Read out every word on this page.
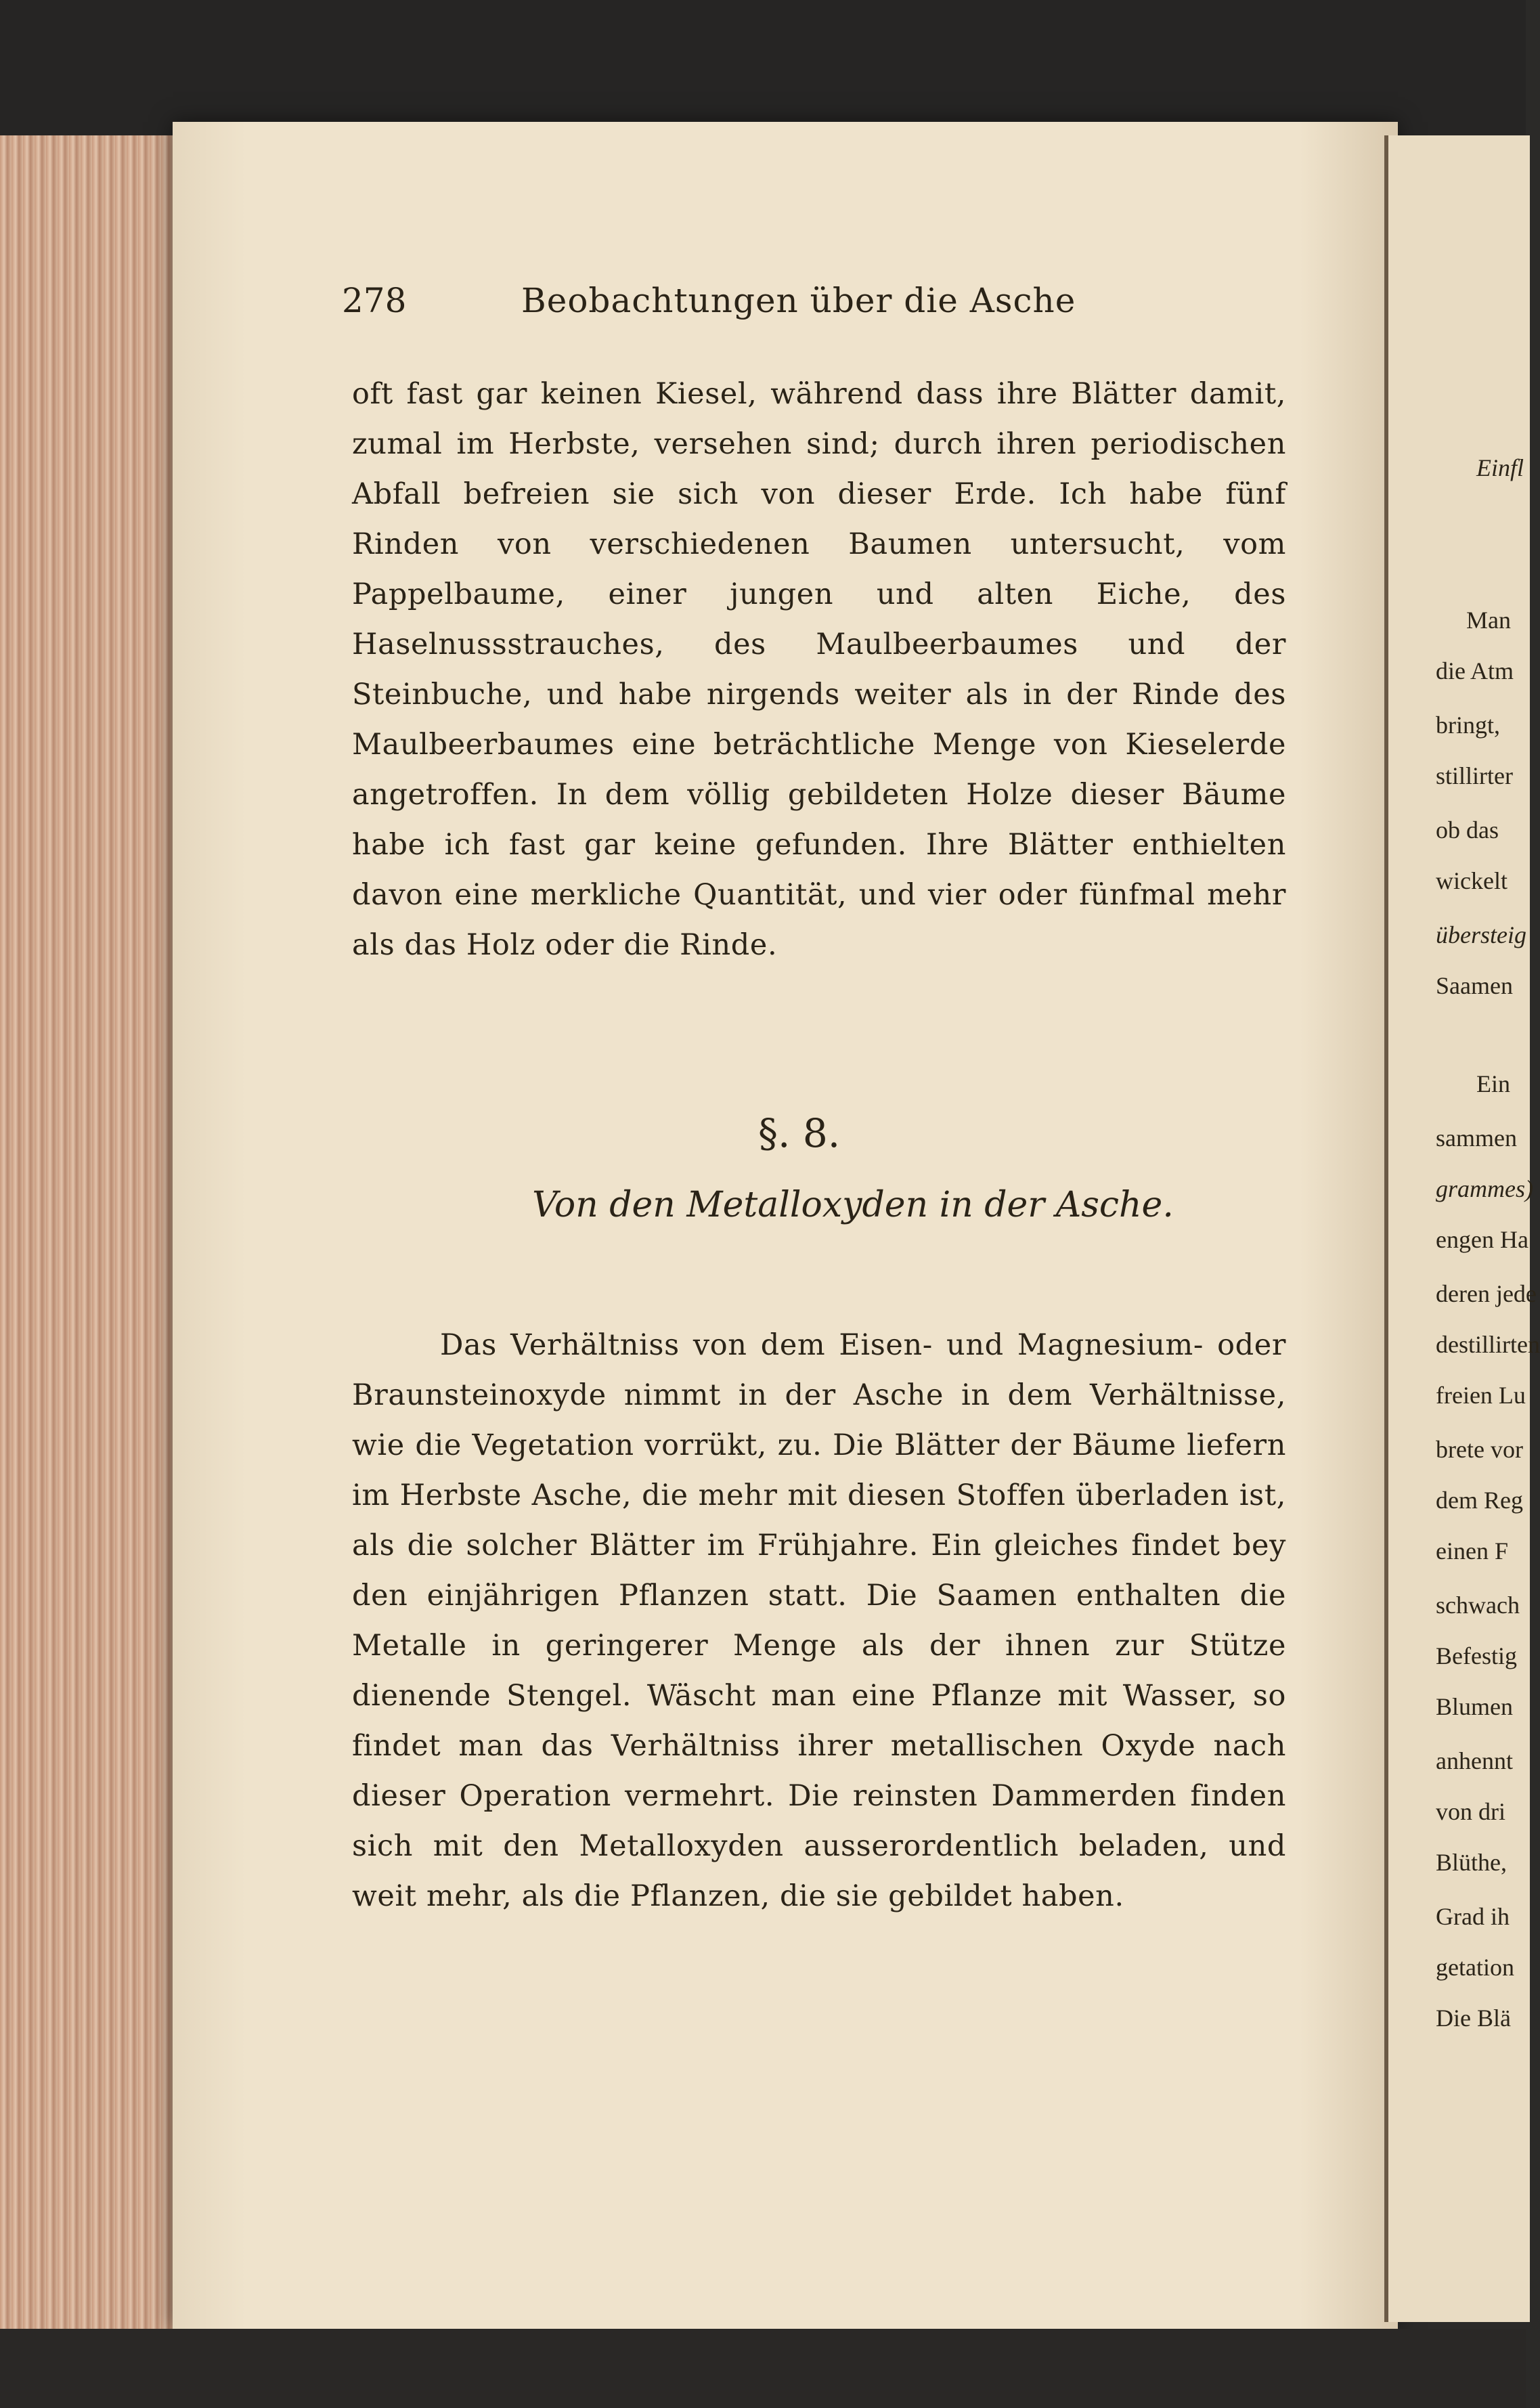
278	Beobachtungen über die Asche
oft fast gar keinen Kiesel, während dass ihre Blätter damit, zumal im Herbste, versehen sind; durch ihren periodischen Abfall befreien sie sich von dieser Erde. Ich habe fünf Rinden von verschiedenen Baumen untersucht, vom Pappelbaume, einer jungen und alten Eiche, des Haselnussstrauches, des Maulbeerbaumes und der Steinbuche, und habe nirgends weiter als in der Rinde des Maulbeerbaumes eine beträchtliche Menge von Kieselerde angetroffen. In dem völlig gebildeten Holze dieser Bäume habe ich fast gar keine gefunden. Ihre Blätter enthielten davon eine merkliche Quantität, und vier oder fünfmal mehr als das Holz oder die Rinde.
§. 8.
Von den Metalloxyden in der Asche.
Das Verhältniss von dem Eisen- und Magnesium- oder Braunsteinoxyde nimmt in der Asche in dem Verhältnisse, wie die Vegetation vorrükt, zu. Die Blätter der Bäume liefern im Herbste Asche, die mehr mit diesen Stoffen überladen ist, als die solcher Blätter im Frühjahre. Ein gleiches findet bey den einjährigen Pflanzen statt. Die Saamen enthalten die Metalle in geringerer Menge als der ihnen zur Stütze dienende Stengel. Wäscht man eine Pflanze mit Wasser, so findet man das Verhältniss ihrer metallischen Oxyde nach dieser Operation vermehrt. Die reinsten Dammerden finden sich mit den Metalloxyden ausserordentlich beladen, und weit mehr, als die Pflanzen, die sie gebildet haben.
Einfl
Man
die Atm
bringt,
stillirter
ob das
wickelt
übersteig
Saamen
Ein
sammen
grammes)
engen Ha
deren jede
destillirten
freien Lu
brete vor
dem Reg
einen F
schwach
Befestig
Blumen
anhennt
von dri
Blüthe,
Grad ih
getation
Die Blä
